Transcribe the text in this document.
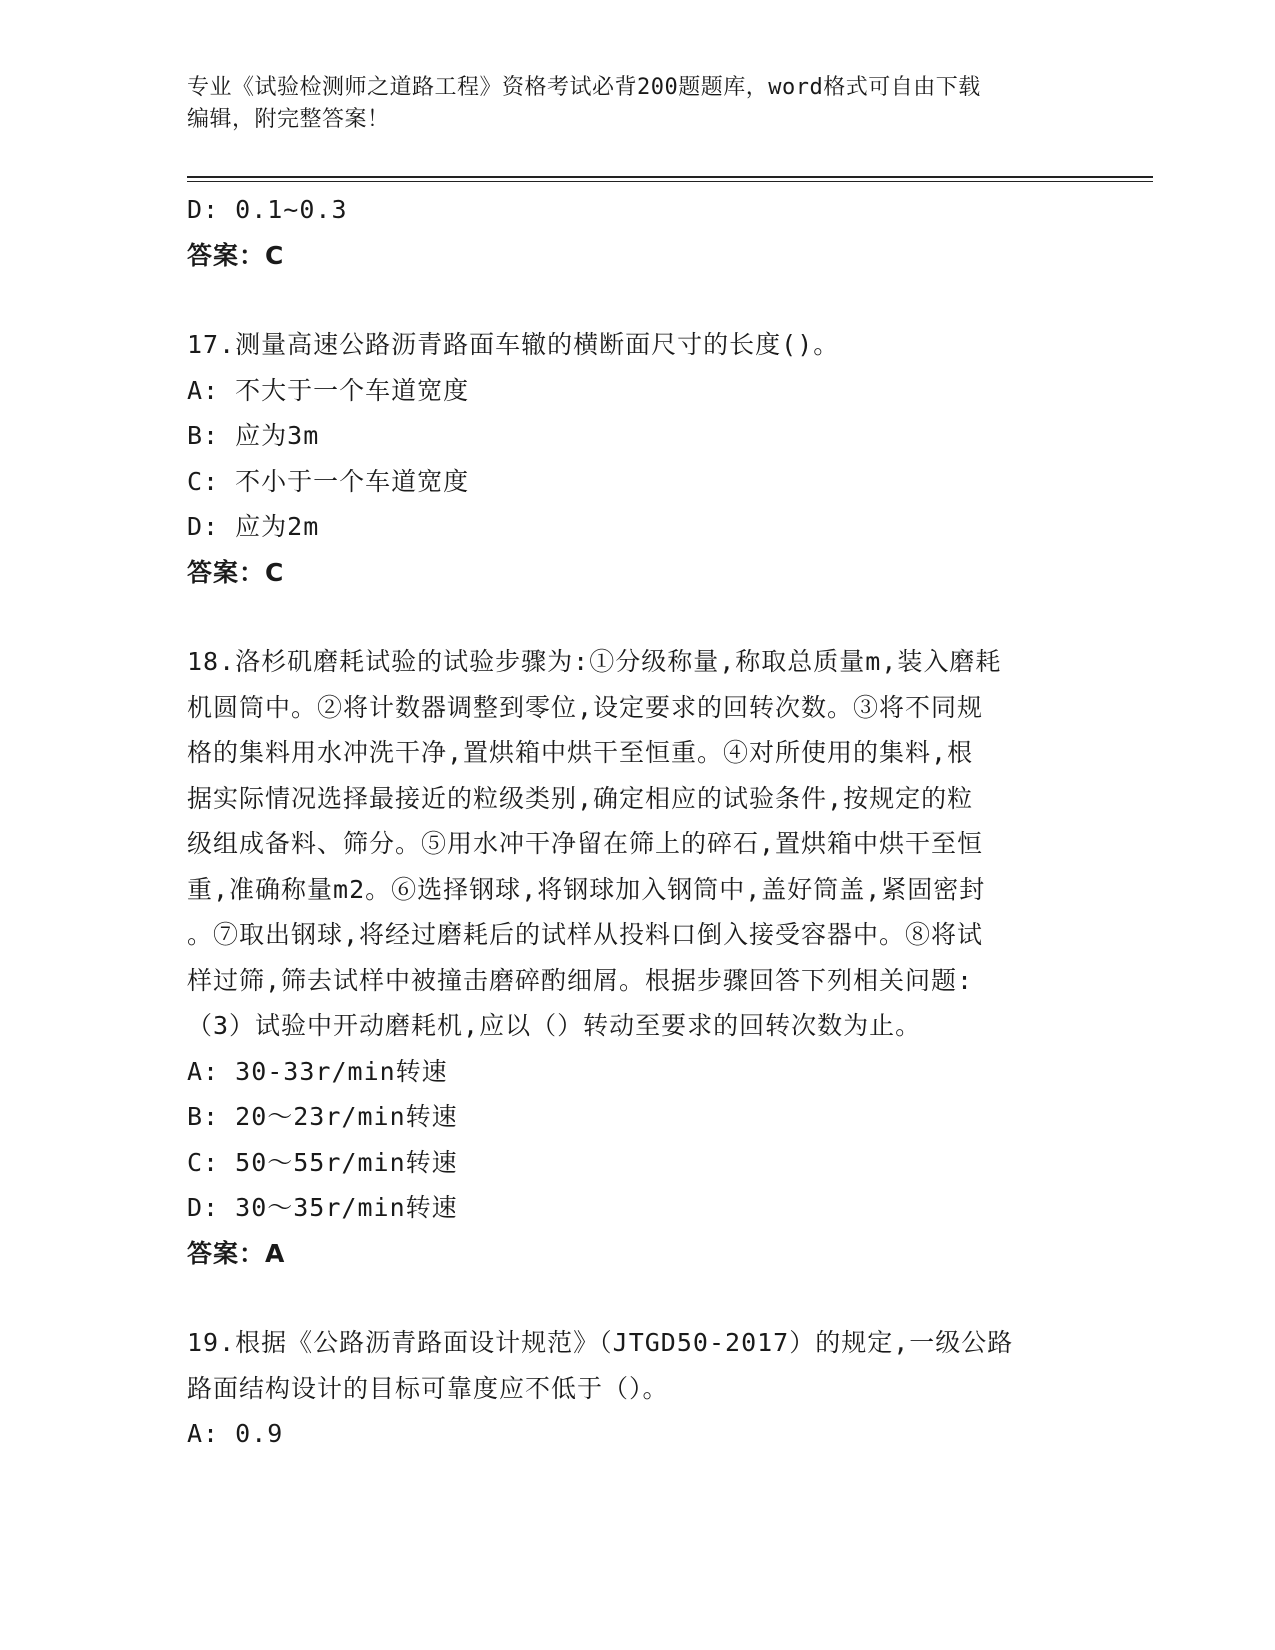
专业《试验检测师之道路工程》资格考试必背200题题库，word格式可自由下载
编辑，附完整答案！
D: 0.1~0.3
答案：C
17.测量高速公路沥青路面车辙的横断面尺寸的长度()。
A: 不大于一个车道宽度
B: 应为3m
C: 不小于一个车道宽度
D: 应为2m
答案：C
18.洛杉矶磨耗试验的试验步骤为:①分级称量,称取总质量m,装入磨耗
机圆筒中。②将计数器调整到零位,设定要求的回转次数。③将不同规
格的集料用水冲洗干净,置烘箱中烘干至恒重。④对所使用的集料,根
据实际情况选择最接近的粒级类别,确定相应的试验条件,按规定的粒
级组成备料、筛分。⑤用水冲干净留在筛上的碎石,置烘箱中烘干至恒
重,准确称量m2。⑥选择钢球,将钢球加入钢筒中,盖好筒盖,紧固密封
。⑦取出钢球,将经过磨耗后的试样从投料口倒入接受容器中。⑧将试
样过筛,筛去试样中被撞击磨碎酌细屑。根据步骤回答下列相关问题:
（3）试验中开动磨耗机,应以（）转动至要求的回转次数为止。
A: 30-33r/min转速
B: 20～23r/min转速
C: 50～55r/min转速
D: 30～35r/min转速
答案：A
19.根据《公路沥青路面设计规范》（JTGD50-2017）的规定,一级公路
路面结构设计的目标可靠度应不低于（）。
A: 0.9
